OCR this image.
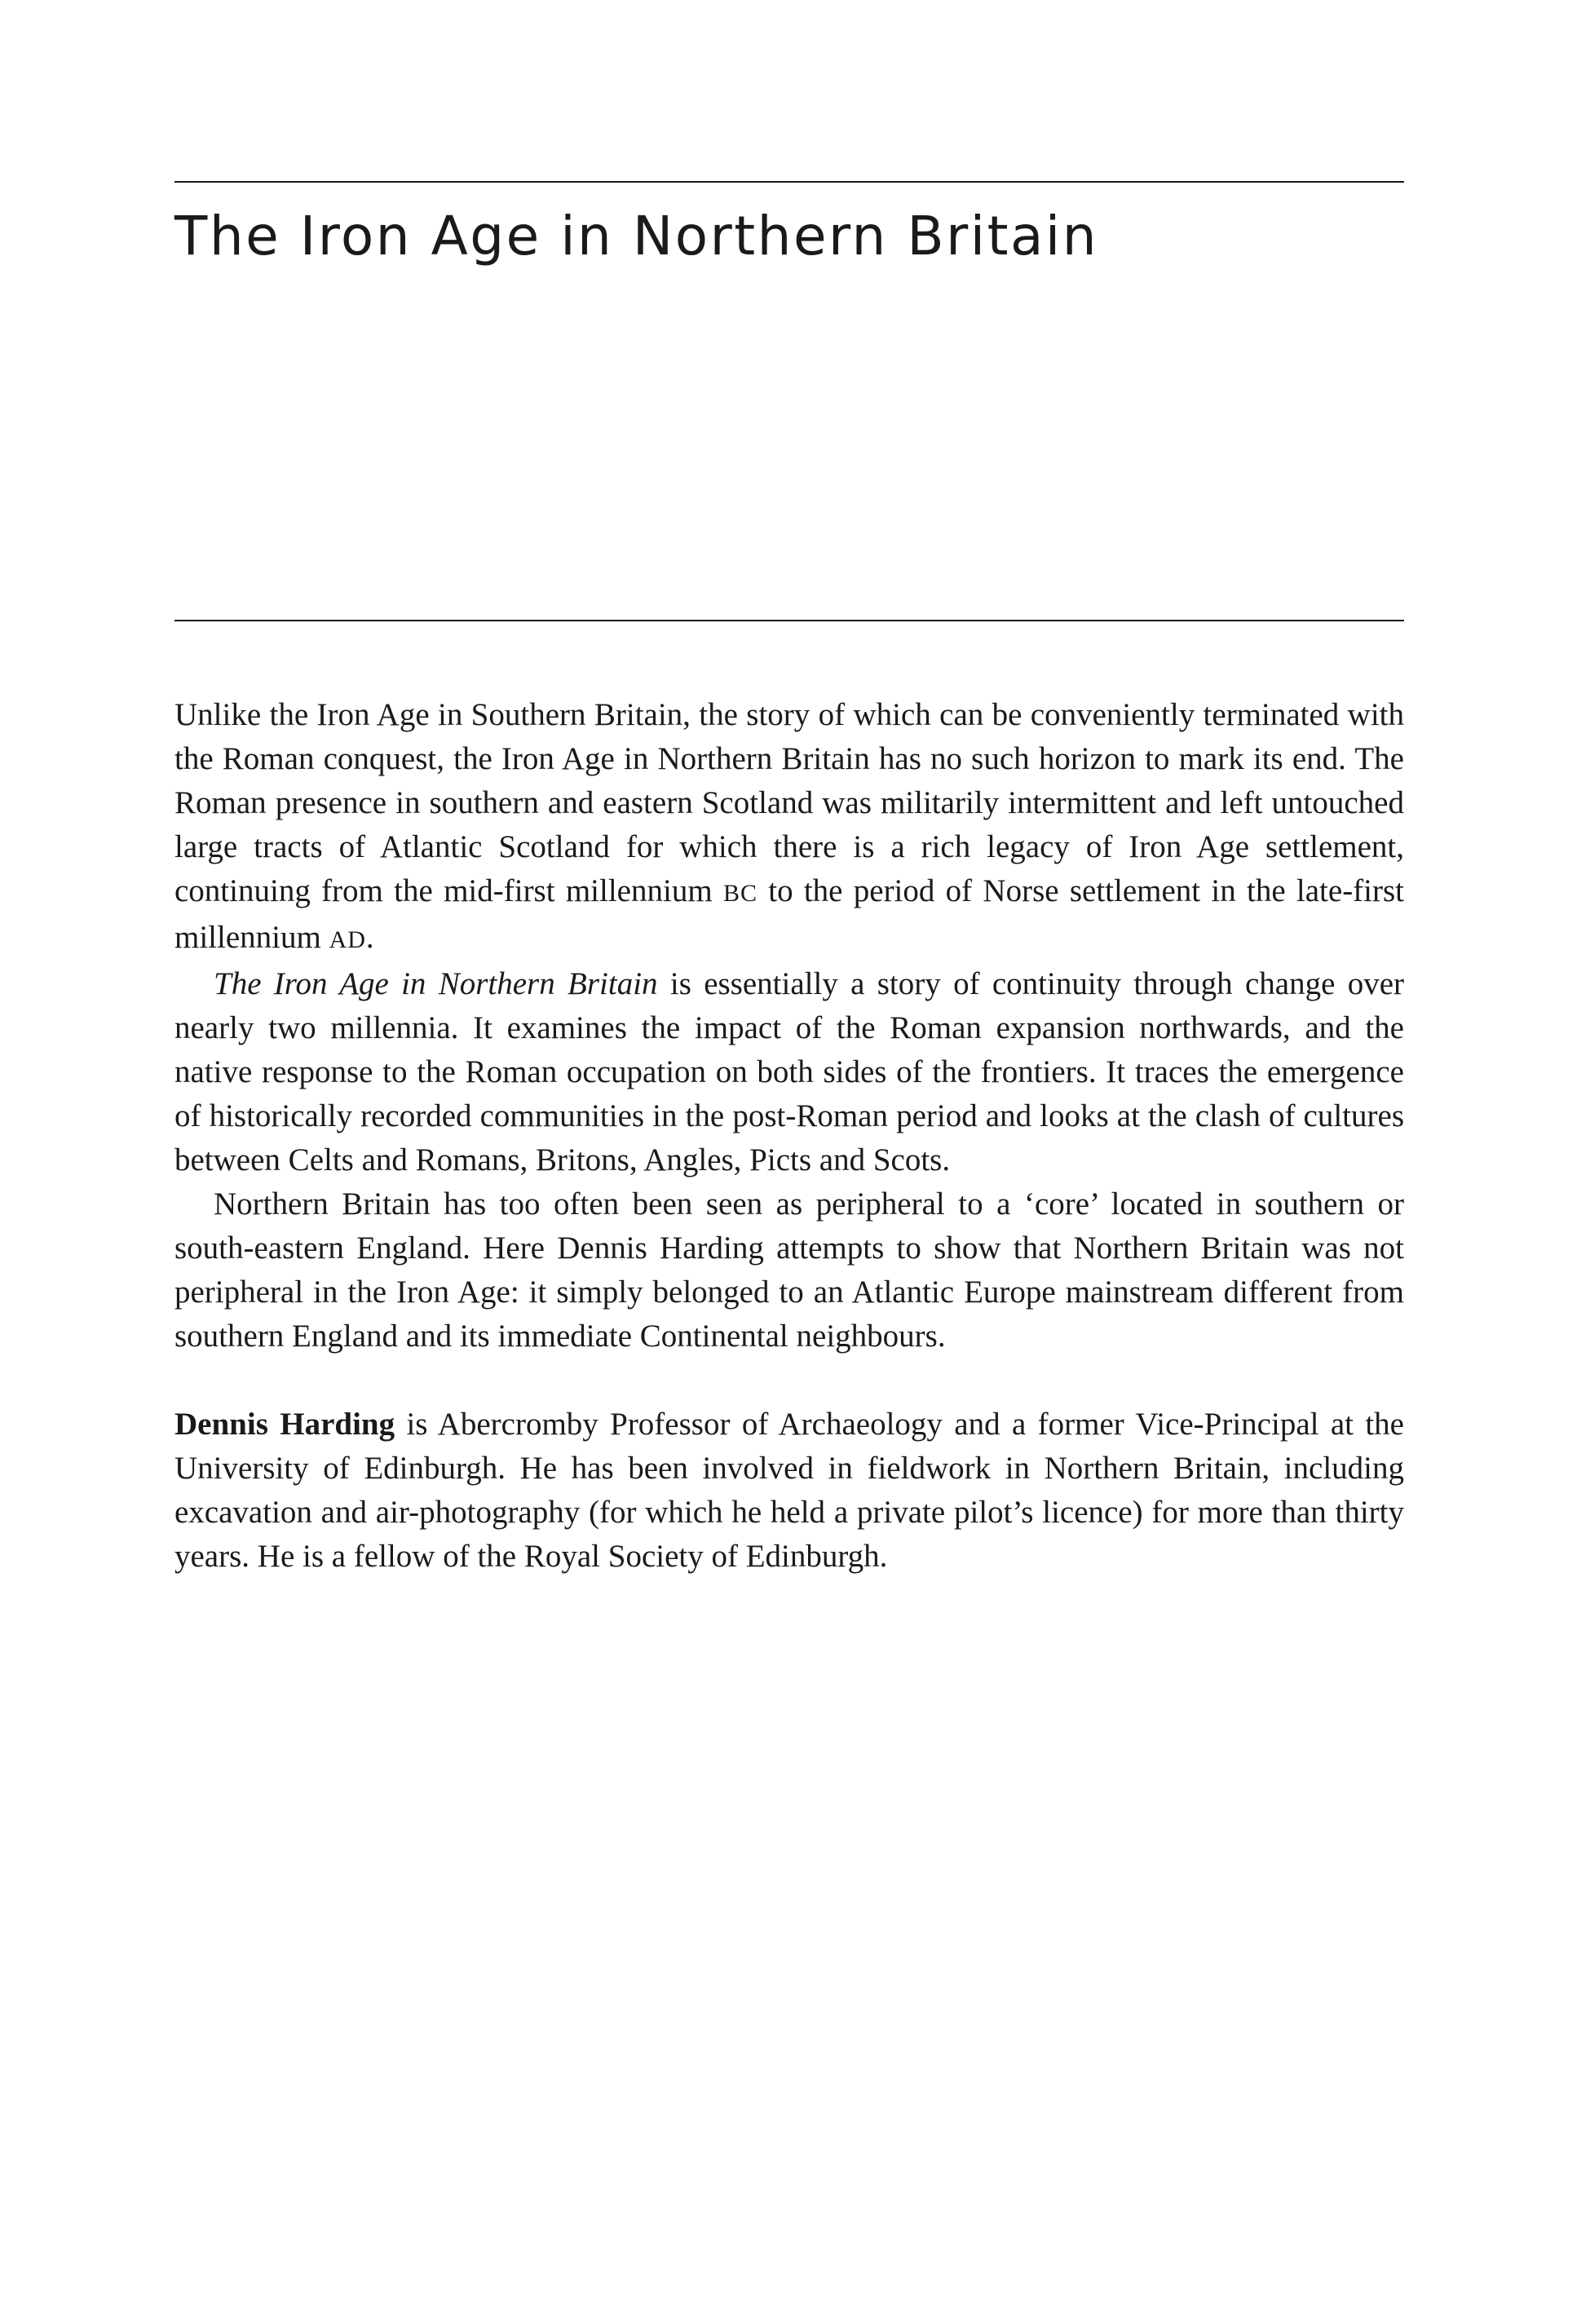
The Iron Age in Northern Britain

Unlike the Iron Age in Southern Britain, the story of which can be conveniently terminated with the Roman conquest, the Iron Age in Northern Britain has no such horizon to mark its end. The Roman presence in southern and eastern Scotland was militarily intermittent and left untouched large tracts of Atlantic Scotland for which there is a rich legacy of Iron Age settlement, continuing from the mid-first millennium BC to the period of Norse settlement in the late-first millennium AD.

The Iron Age in Northern Britain is essentially a story of continuity through change over nearly two millennia. It examines the impact of the Roman expansion northwards, and the native response to the Roman occupation on both sides of the frontiers. It traces the emergence of historically recorded communities in the post-Roman period and looks at the clash of cultures between Celts and Romans, Britons, Angles, Picts and Scots.

Northern Britain has too often been seen as peripheral to a ‘core’ located in southern or south-eastern England. Here Dennis Harding attempts to show that Northern Britain was not peripheral in the Iron Age: it simply belonged to an Atlantic Europe mainstream different from southern England and its immediate Continental neighbours.

Dennis Harding is Abercromby Professor of Archaeology and a former Vice-Principal at the University of Edinburgh. He has been involved in fieldwork in Northern Britain, including excavation and air-photography (for which he held a private pilot’s licence) for more than thirty years. He is a fellow of the Royal Society of Edinburgh.
